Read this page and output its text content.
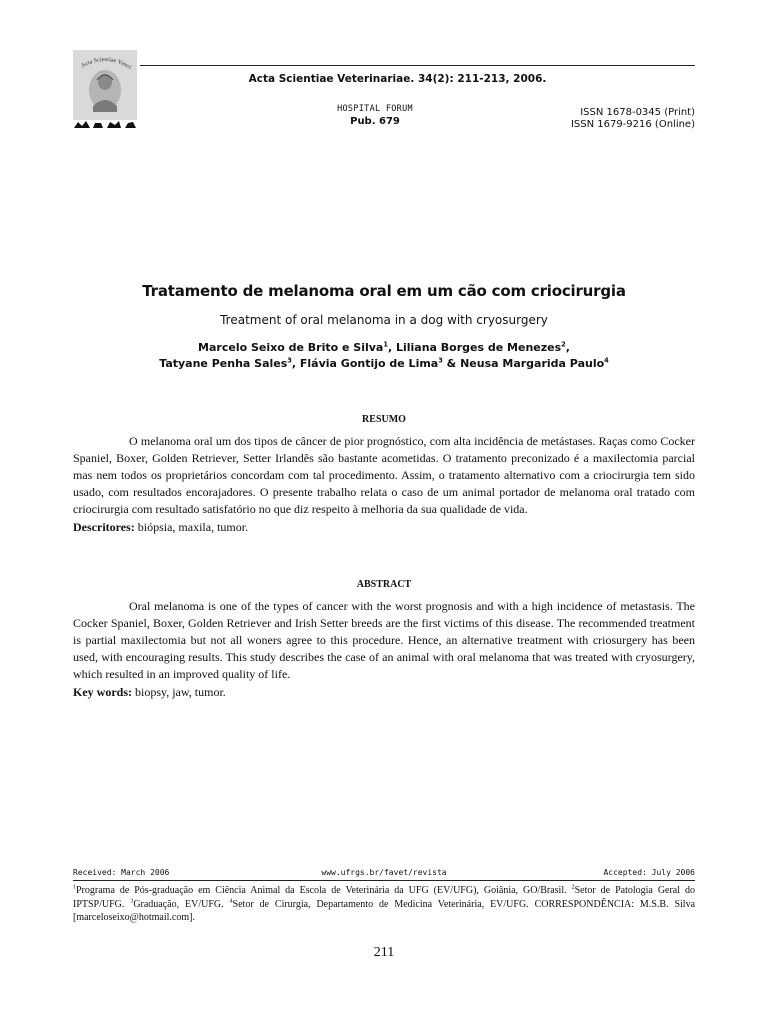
Acta Scientiae Veteri
Acta Scientiae Veterinariae. 34(2): 211-213, 2006.
HOSPITAL FORUM
Pub. 679
ISSN 1678-0345 (Print)
ISSN 1679-9216 (Online)
Tratamento de melanoma oral em um cão com criocirurgia
Treatment of oral melanoma in a dog with cryosurgery
Marcelo Seixo de Brito e Silva$^1$, Liliana Borges de Menezes$^2$,
Tatyane Penha Sales$^3$, Flávia Gontijo de Lima$^3$ & Neusa Margarida Paulo$^4$
RESUMO
O melanoma oral um dos tipos de câncer de pior prognóstico, com alta incidência de metástases. Raças como Cocker Spaniel, Boxer, Golden Retriever, Setter Irlandês são bastante acometidas. O tratamento preconizado é a maxilectomia parcial mas nem todos os proprietários concordam com tal procedimento. Assim, o tratamento alternativo com a criocirurgia tem sido usado, com resultados encorajadores. O presente trabalho relata o caso de um animal portador de melanoma oral tratado com criocirurgia com resultado satisfatório no que diz respeito à melhoria da sua qualidade de vida.
Descritores: biópsia, maxila, tumor.
ABSTRACT
Oral melanoma is one of the types of cancer with the worst prognosis and with a high incidence of metastasis. The Cocker Spaniel, Boxer, Golden Retriever and Irish Setter breeds are the first victims of this disease. The recommended treatment is partial maxilectomia but not all woners agree to this procedure. Hence, an alternative treatment with criosurgery has been used, with encouraging results. This study describes the case of an animal with oral melanoma that was treated with cryosurgery, which resulted in an improved quality of life.
Key words: biopsy, jaw, tumor.
Received: March 2006	www.ufrgs.br/favet/revista	Accepted: July 2006
$^1$Programa de Pós-graduação em Ciência Animal da Escola de Veterinária da UFG (EV/UFG), Goiânia, GO/Brasil. $^2$Setor de Patologia Geral do IPTSP/UFG. $^3$Graduação, EV/UFG. $^4$Setor de Cirurgia, Departamento de Medicina Veterinária, EV/UFG. CORRESPONDÊNCIA: M.S.B. Silva [marceloseixo@hotmail.com].
211
